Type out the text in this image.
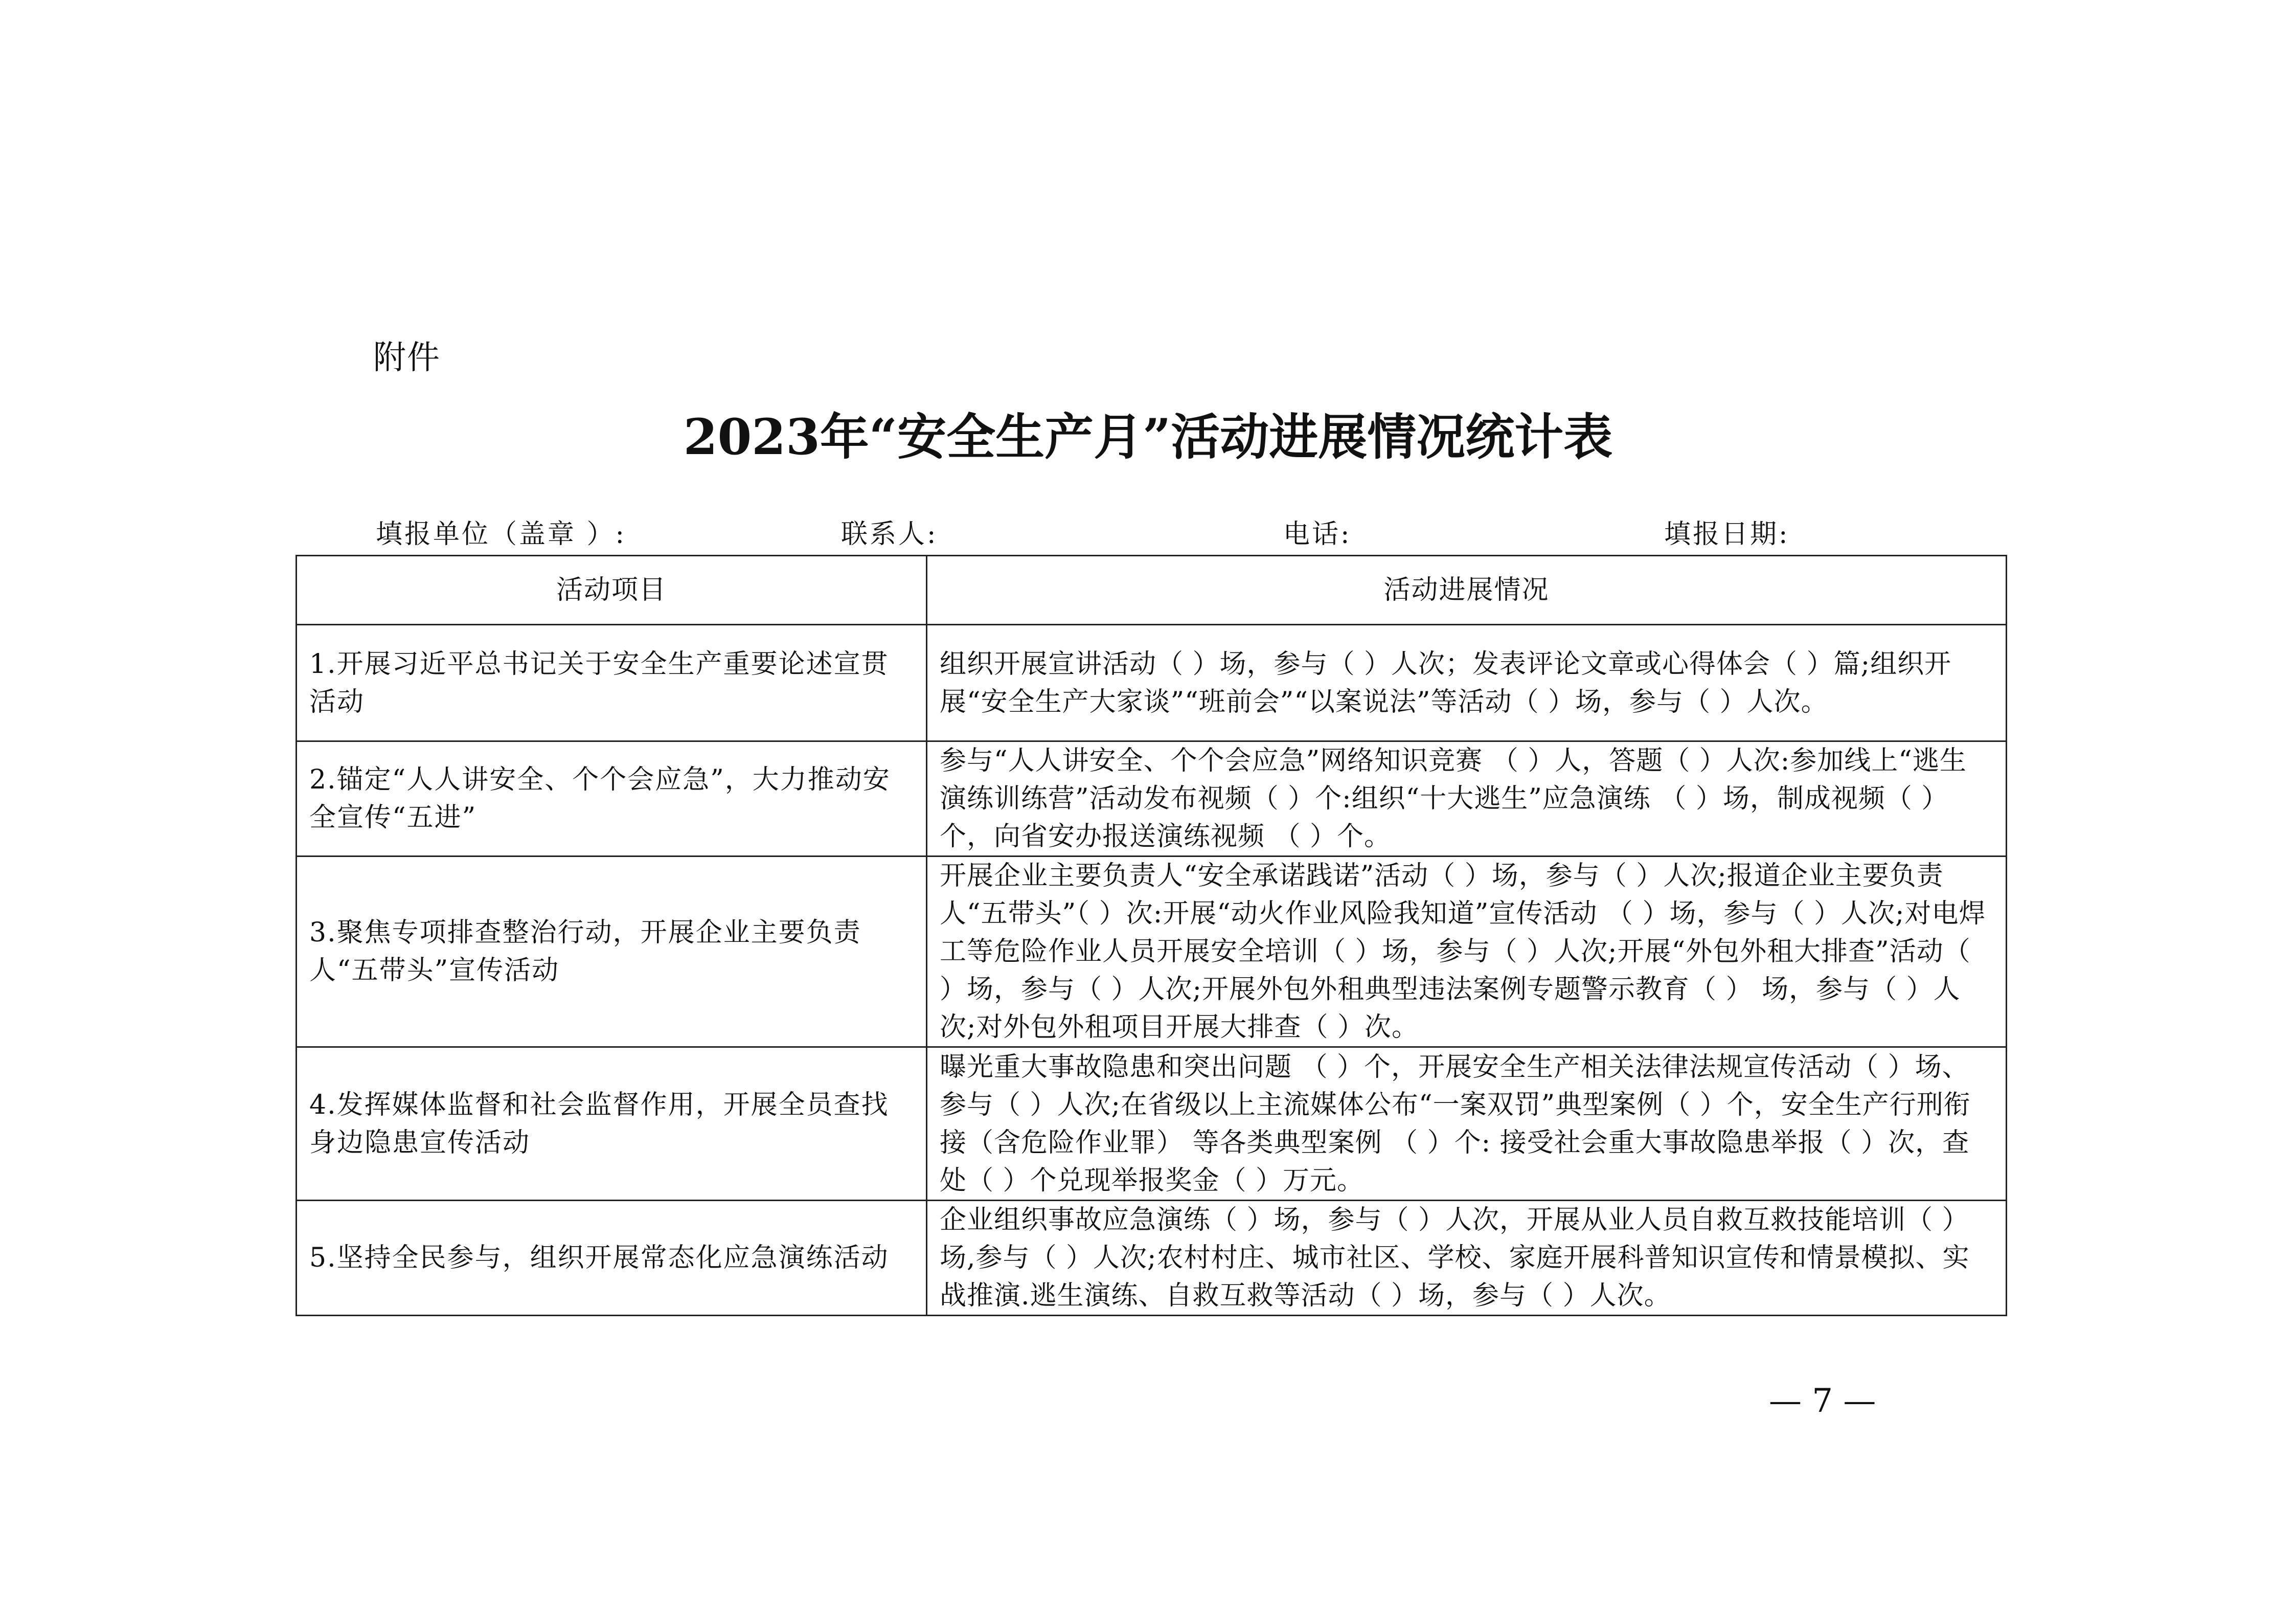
附件
2023年“安全生产月”活动进展情况统计表
填报单位（盖章 ）:	联系人:	电话:	填报日期:
活动项目	活动进展情况
1.开展习近平总书记关于安全生产重要论述宣贯活动	组织开展宣讲活动（ ）场，参与（ ）人次；发表评论文章或心得体会（ ）篇;组织开展“安全生产大家谈”“班前会”“以案说法”等活动（ ）场，参与（ ）人次。
2.锚定“人人讲安全、个个会应急”，大力推动安全宣传“五进”	参与“人人讲安全、个个会应急”网络知识竞赛 （ ）人，答题（ ）人次:参加线上“逃生演练训练营”活动发布视频（ ）个:组织“十大逃生”应急演练 （ ）场，制成视频（ ）个，向省安办报送演练视频 （ ）个。
3.聚焦专项排查整治行动，开展企业主要负责人“五带头”宣传活动	开展企业主要负责人“安全承诺践诺”活动（ ）场，参与（ ）人次;报道企业主要负责人“五带头”（ ）次:开展“动火作业风险我知道”宣传活动 （ ）场，参与（ ）人次;对电焊工等危险作业人员开展安全培训（ ）场，参与（ ）人次;开展“外包外租大排查”活动（ ）场，参与（ ）人次;开展外包外租典型违法案例专题警示教育（ ） 场，参与（ ）人次;对外包外租项目开展大排查（ ）次。
4.发挥媒体监督和社会监督作用，开展全员查找身边隐患宣传活动	曝光重大事故隐患和突出问题 （ ）个，开展安全生产相关法律法规宣传活动（ ）场、参与（ ）人次;在省级以上主流媒体公布“一案双罚”典型案例（ ）个，安全生产行刑衔接（含危险作业罪） 等各类典型案例 （ ）个: 接受社会重大事故隐患举报（ ）次，查处（ ）个兑现举报奖金（ ）万元。
5.坚持全民参与，组织开展常态化应急演练活动	企业组织事故应急演练（ ）场，参与（ ）人次，开展从业人员自救互救技能培训（ ）场,参与（ ）人次;农村村庄、城市社区、学校、家庭开展科普知识宣传和情景模拟、实战推演.逃生演练、自救互救等活动（ ）场，参与（ ）人次。
— 7 —
